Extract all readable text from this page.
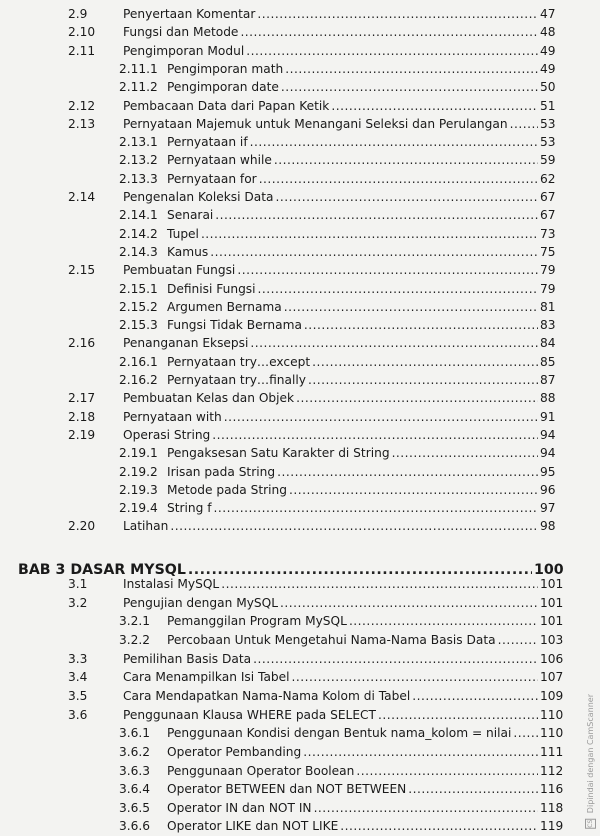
2.9	Penyertaan Komentar .....	47
2.10 Fungsi dan Metode .....	48
2.11 Pengimporan Modul .....	49
2.11.1 Pengimporan math .....	49
2.11.2 Pengimporan date .....	50
2.12 Pembacaan Data dari Papan Ketik .....	51
2.13 Pernyataan Majemuk untuk Menangani Seleksi dan Perulangan .....	53
2.13.1 Pernyataan if .....	53
2.13.2 Pernyataan while .....	59
2.13.3 Pernyataan for .....	62
2.14 Pengenalan Koleksi Data .....	67
2.14.1 Senarai .....	67
2.14.2 Tupel .....	73
2.14.3 Kamus .....	75
2.15 Pembuatan Fungsi .....	79
2.15.1 Definisi Fungsi .....	79
2.15.2 Argumen Bernama .....	81
2.15.3 Fungsi Tidak Bernama .....	83
2.16 Penanganan Eksepsi .....	84
2.16.1 Pernyataan try…except .....	85
2.16.2 Pernyataan try…finally .....	87
2.17 Pembuatan Kelas dan Objek .....	88
2.18 Pernyataan with .....	91
2.19 Operasi String .....	94
2.19.1 Pengaksesan Satu Karakter di String .....	94
2.19.2 Irisan pada String .....	95
2.19.3 Metode pada String .....	96
2.19.4 String f .....	97
2.20 Latihan .....	98
BAB 3 DASAR MYSQL .....	100
3.1	Instalasi MySQL .....	101
3.2	Pengujian dengan MySQL .....	101
3.2.1 Pemanggilan Program MySQL .....	101
3.2.2 Percobaan Untuk Mengetahui Nama-Nama Basis Data .....	103
3.3	Pemilihan Basis Data .....	106
3.4	Cara Menampilkan Isi Tabel .....	107
3.5	Cara Mendapatkan Nama-Nama Kolom di Tabel .....	109
3.6	Penggunaan Klausa WHERE pada SELECT .....	110
3.6.1 Penggunaan Kondisi dengan Bentuk nama_kolom = nilai ..... 110
3.6.2 Operator Pembanding .....	111
3.6.3 Penggunaan Operator Boolean .....	112
3.6.4 Operator BETWEEN dan NOT BETWEEN .....	116
3.6.5 Operator IN dan NOT IN .....	118
3.6.6 Operator LIKE dan NOT LIKE .....	119	CS Dipindai dengan CamScanner
